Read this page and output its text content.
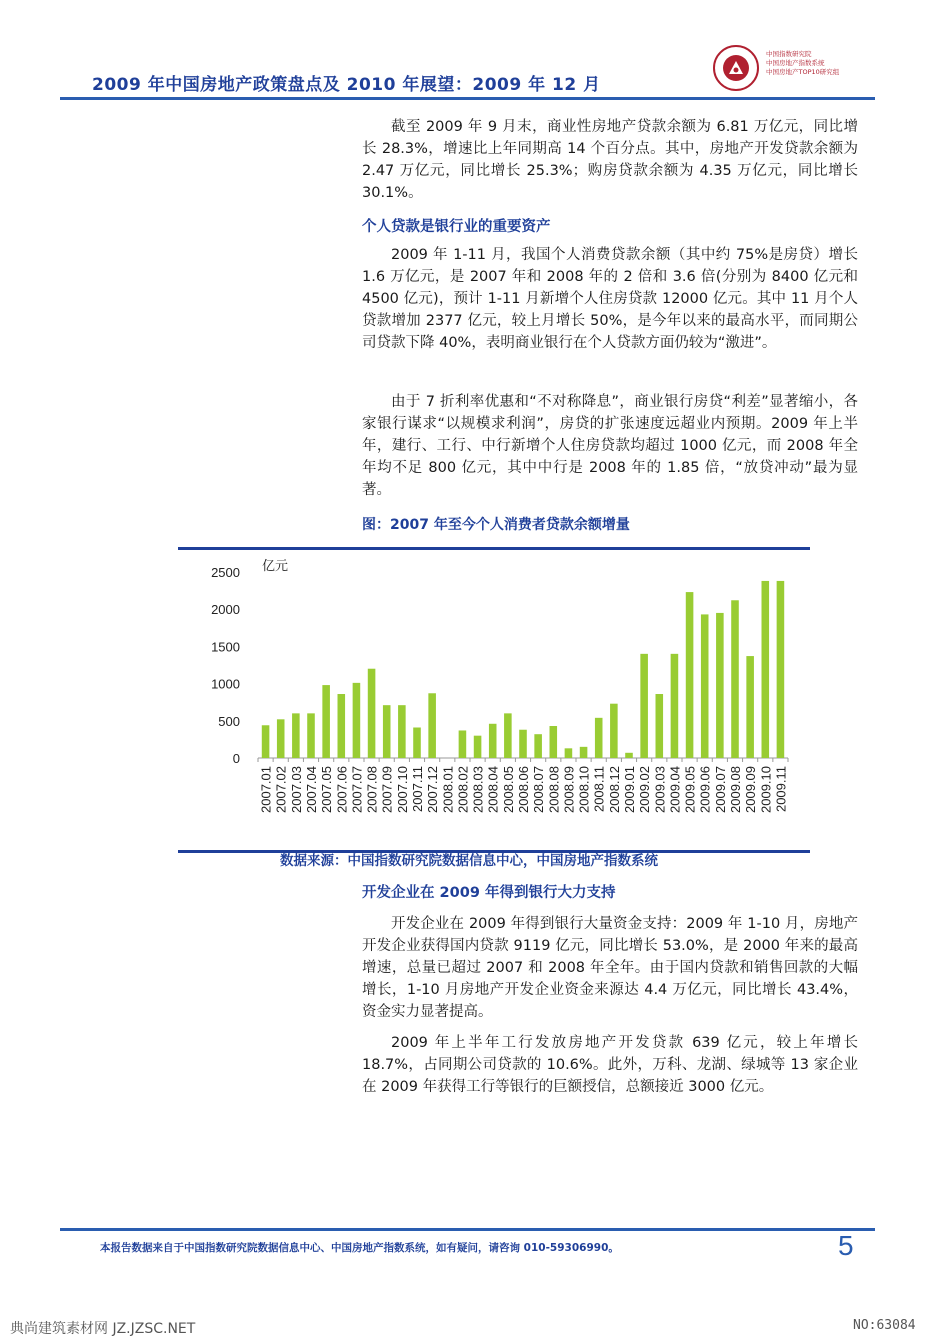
中国指数研究院
中国房地产指数系统
中国房地产TOP10研究组
2009 年中国房地产政策盘点及 2010 年展望：2009 年 12 月
截至 2009 年 9 月末，商业性房地产贷款余额为 6.81 万亿元，同比增长 28.3%，增速比上年同期高 14 个百分点。其中，房地产开发贷款余额为 2.47 万亿元，同比增长 25.3%；购房贷款余额为 4.35 万亿元，同比增长 30.1%。
个人贷款是银行业的重要资产
2009 年 1-11 月，我国个人消费贷款余额（其中约 75%是房贷）增长 1.6 万亿元，是 2007 年和 2008 年的 2 倍和 3.6 倍(分别为 8400 亿元和 4500 亿元)，预计 1-11 月新增个人住房贷款 12000 亿元。其中 11 月个人贷款增加 2377 亿元，较上月增长 50%，是今年以来的最高水平，而同期公司贷款下降 40%，表明商业银行在个人贷款方面仍较为“激进”。
由于 7 折利率优惠和“不对称降息”，商业银行房贷“利差”显著缩小，各家银行谋求“以规模求利润”，房贷的扩张速度远超业内预期。2009 年上半年，建行、工行、中行新增个人住房贷款均超过 1000 亿元，而 2008 年全年均不足 800 亿元，其中中行是 2008 年的 1.85 倍，“放贷冲动”最为显著。
图：2007 年至今个人消费者贷款余额增量
亿元
0
500
1000
1500
2000
2500
2007.01 2007.02 2007.03 2007.04 2007.05 2007.06 2007.07 2007.08 2007.09 2007.10 2007.11 2007.12 2008.01 2008.02 2008.03 2008.04 2008.05 2008.06 2008.07 2008.08 2008.09 2008.10 2008.11 2008.12 2009.01 2009.02 2009.03 2009.04 2009.05 2009.06 2009.07 2009.08 2009.09 2009.10 2009.11
数据来源：中国指数研究院数据信息中心，中国房地产指数系统
开发企业在 2009 年得到银行大力支持
开发企业在 2009 年得到银行大量资金支持：2009 年 1-10 月，房地产开发企业获得国内贷款 9119 亿元，同比增长 53.0%，是 2000 年来的最高增速，总量已超过 2007 和 2008 年全年。由于国内贷款和销售回款的大幅增长，1-10 月房地产开发企业资金来源达 4.4 万亿元，同比增长 43.4%，资金实力显著提高。
2009 年上半年工行发放房地产开发贷款 639 亿元，较上年增长 18.7%，占同期公司贷款的 10.6%。此外，万科、龙湖、绿城等 13 家企业在 2009 年获得工行等银行的巨额授信，总额接近 3000 亿元。
本报告数据来自于中国指数研究院数据信息中心、中国房地产指数系统，如有疑问，请咨询 010-59306990。	5
典尚建筑素材网 JZ.JZSC.NET	NO:63084
